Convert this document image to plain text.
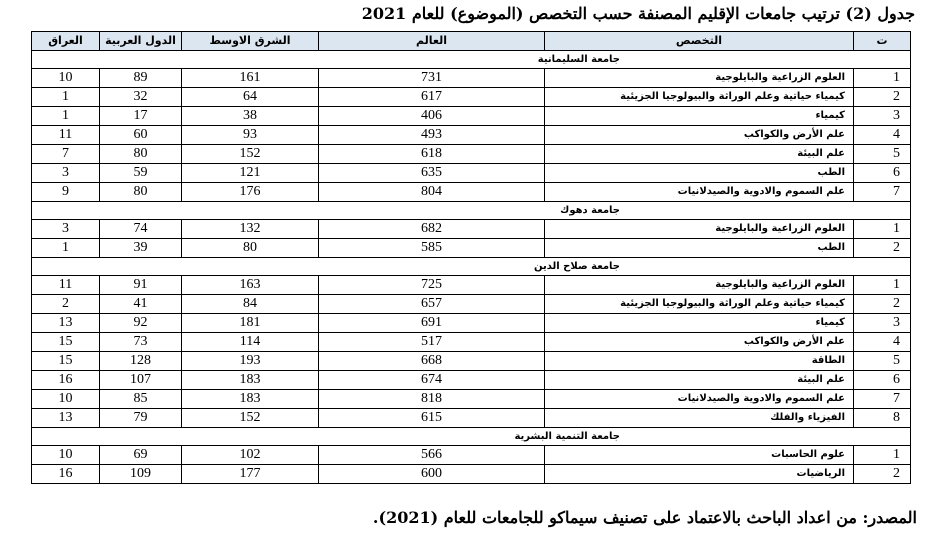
جدول (2) ترتيب جامعات الإقليم المصنفة حسب التخصص (الموضوع) للعام 2021
ت	التخصص	العالم	الشرق الاوسط	الدول العربية	العراق
جامعة السليمانية					
1	العلوم الزراعية والبايلوجية	731	161	89	10
2	كيمياء حياتية وعلم الوراثة والبيولوجيا الجزيئية	617	64	32	1
3	كيمياء	406	38	17	1
4	علم الأرض والكواكب	493	93	60	11
5	علم البيئة	618	152	80	7
6	الطب	635	121	59	3
7	علم السموم والادوية والصيدلانيات	804	176	80	9
جامعة دهوك					
1	العلوم الزراعية والبايلوجية	682	132	74	3
2	الطب	585	80	39	1
جامعة صلاح الدين					
1	العلوم الزراعية والبايلوجية	725	163	91	11
2	كيمياء حياتية وعلم الوراثة والبيولوجيا الجزيئية	657	84	41	2
3	كيمياء	691	181	92	13
4	علم الأرض والكواكب	517	114	73	15
5	الطاقة	668	193	128	15
6	علم البيئة	674	183	107	16
7	علم السموم والادوية والصيدلانيات	818	183	85	10
8	الفيزياء والفلك	615	152	79	13
جامعة التنمية البشرية					
1	علوم الحاسبات	566	102	69	10
2	الرياضيات	600	177	109	16
المصدر: من اعداد الباحث بالاعتماد على تصنيف سيماكو للجامعات للعام (2021).
